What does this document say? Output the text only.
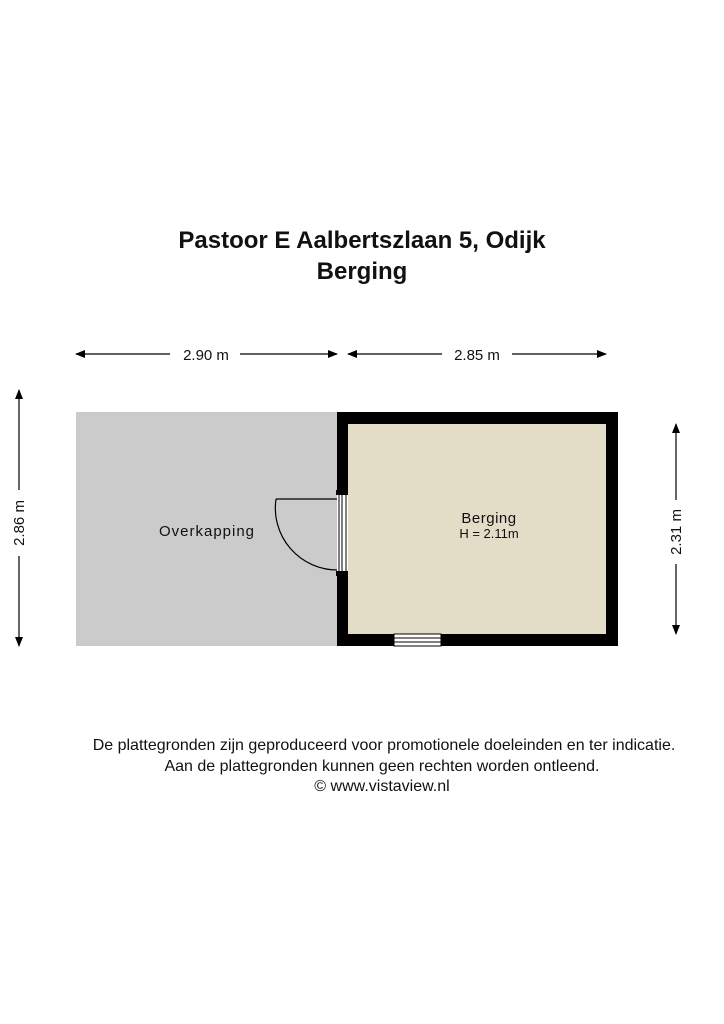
Pastoor E Aalbertszlaan 5, Odijk
Berging
Overkapping
Berging
H = 2.11m
2.90 m	2.85 m
2.86 m	2.31 m
De plattegronden zijn geproduceerd voor promotionele doeleinden en ter indicatie.
Aan de plattegronden kunnen geen rechten worden ontleend.
© www.vistaview.nl
